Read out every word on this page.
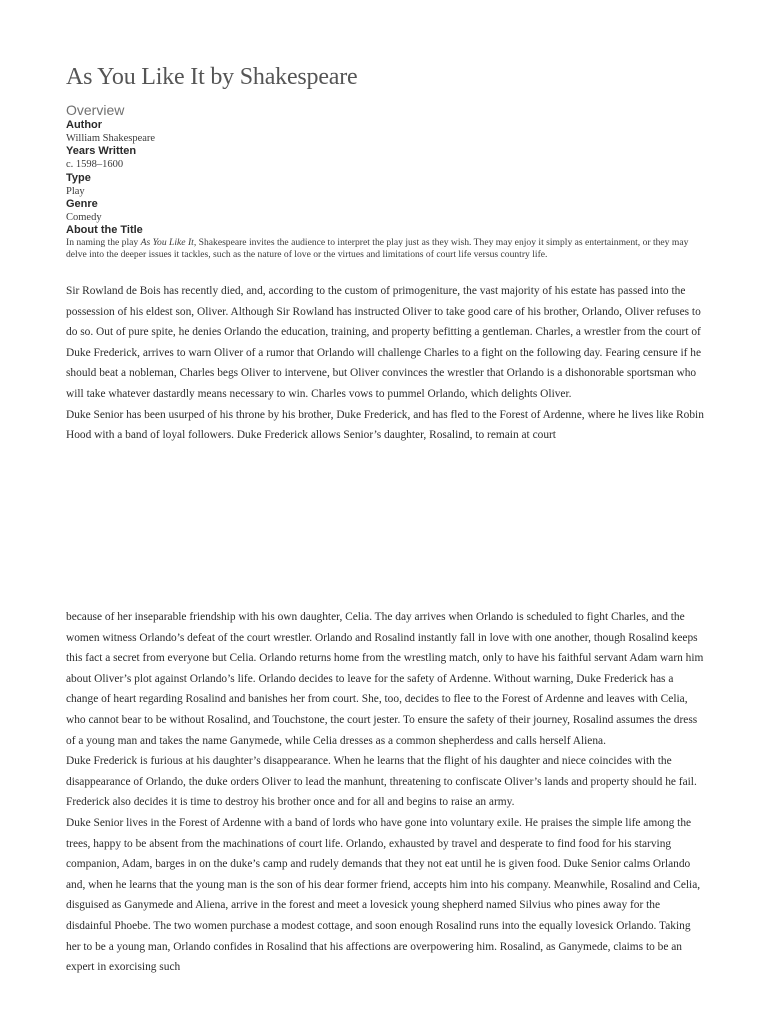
As You Like It by Shakespeare
Overview
Author
William Shakespeare
Years Written
c. 1598–1600
Type
Play
Genre
Comedy
About the Title

In naming the play As You Like It, Shakespeare invites the audience to interpret the play just as they wish. They may enjoy it simply as entertainment, or they may delve into the deeper issues it tackles, such as the nature of love or the virtues and limitations of court life versus country life.

Sir Rowland de Bois has recently died, and, according to the custom of primogeniture, the vast majority of his estate has passed into the possession of his eldest son, Oliver. Although Sir Rowland has instructed Oliver to take good care of his brother, Orlando, Oliver refuses to do so. Out of pure spite, he denies Orlando the education, training, and property befitting a gentleman. Charles, a wrestler from the court of Duke Frederick, arrives to warn Oliver of a rumor that Orlando will challenge Charles to a fight on the following day. Fearing censure if he should beat a nobleman, Charles begs Oliver to intervene, but Oliver convinces the wrestler that Orlando is a dishonorable sportsman who will take whatever dastardly means necessary to win. Charles vows to pummel Orlando, which delights Oliver.

Duke Senior has been usurped of his throne by his brother, Duke Frederick, and has fled to the Forest of Ardenne, where he lives like Robin Hood with a band of loyal followers. Duke Frederick allows Senior’s daughter, Rosalind, to remain at court

because of her inseparable friendship with his own daughter, Celia. The day arrives when Orlando is scheduled to fight Charles, and the women witness Orlando’s defeat of the court wrestler. Orlando and Rosalind instantly fall in love with one another, though Rosalind keeps this fact a secret from everyone but Celia. Orlando returns home from the wrestling match, only to have his faithful servant Adam warn him about Oliver’s plot against Orlando’s life. Orlando decides to leave for the safety of Ardenne. Without warning, Duke Frederick has a change of heart regarding Rosalind and banishes her from court. She, too, decides to flee to the Forest of Ardenne and leaves with Celia, who cannot bear to be without Rosalind, and Touchstone, the court jester. To ensure the safety of their journey, Rosalind assumes the dress of a young man and takes the name Ganymede, while Celia dresses as a common shepherdess and calls herself Aliena.

Duke Frederick is furious at his daughter’s disappearance. When he learns that the flight of his daughter and niece coincides with the disappearance of Orlando, the duke orders Oliver to lead the manhunt, threatening to confiscate Oliver’s lands and property should he fail. Frederick also decides it is time to destroy his brother once and for all and begins to raise an army.

Duke Senior lives in the Forest of Ardenne with a band of lords who have gone into voluntary exile. He praises the simple life among the trees, happy to be absent from the machinations of court life. Orlando, exhausted by travel and desperate to find food for his starving companion, Adam, barges in on the duke’s camp and rudely demands that they not eat until he is given food. Duke Senior calms Orlando and, when he learns that the young man is the son of his dear former friend, accepts him into his company. Meanwhile, Rosalind and Celia, disguised as Ganymede and Aliena, arrive in the forest and meet a lovesick young shepherd named Silvius who pines away for the disdainful Phoebe. The two women purchase a modest cottage, and soon enough Rosalind runs into the equally lovesick Orlando. Taking her to be a young man, Orlando confides in Rosalind that his affections are overpowering him. Rosalind, as Ganymede, claims to be an expert in exorcising such
